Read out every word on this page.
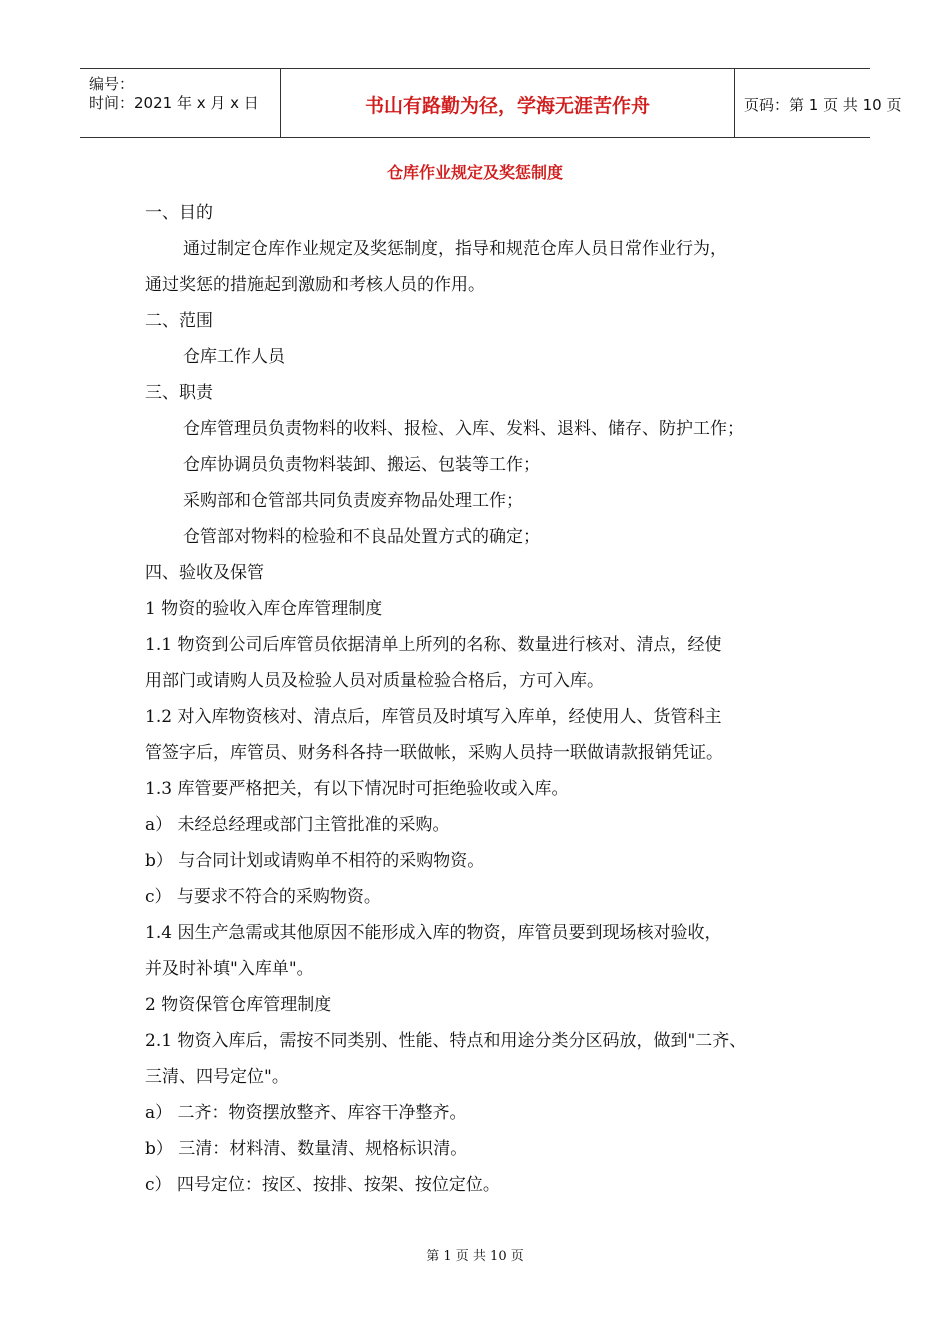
编号：
时间：2021 年 x 月 x 日	书山有路勤为径，学海无涯苦作舟	页码：第 1 页 共 10 页
仓库作业规定及奖惩制度
一、目的
通过制定仓库作业规定及奖惩制度，指导和规范仓库人员日常作业行为，
通过奖惩的措施起到激励和考核人员的作用。
二、范围
仓库工作人员
三、职责
仓库管理员负责物料的收料、报检、入库、发料、退料、储存、防护工作；
仓库协调员负责物料装卸、搬运、包装等工作；
采购部和仓管部共同负责废弃物品处理工作；
仓管部对物料的检验和不良品处置方式的确定；
四、验收及保管
1 物资的验收入库仓库管理制度
1.1 物资到公司后库管员依据清单上所列的名称、数量进行核对、清点，经使
用部门或请购人员及检验人员对质量检验合格后，方可入库。
1.2 对入库物资核对、清点后，库管员及时填写入库单，经使用人、货管科主
管签字后，库管员、财务科各持一联做帐，采购人员持一联做请款报销凭证。
1.3 库管要严格把关，有以下情况时可拒绝验收或入库。
a） 未经总经理或部门主管批准的采购。
b） 与合同计划或请购单不相符的采购物资。
c） 与要求不符合的采购物资。
1.4 因生产急需或其他原因不能形成入库的物资，库管员要到现场核对验收，
并及时补填"入库单"。
2 物资保管仓库管理制度
2.1 物资入库后，需按不同类别、性能、特点和用途分类分区码放，做到"二齐、
三清、四号定位"。
a） 二齐：物资摆放整齐、库容干净整齐。
b） 三清：材料清、数量清、规格标识清。
c） 四号定位：按区、按排、按架、按位定位。
第 1 页 共 10 页
